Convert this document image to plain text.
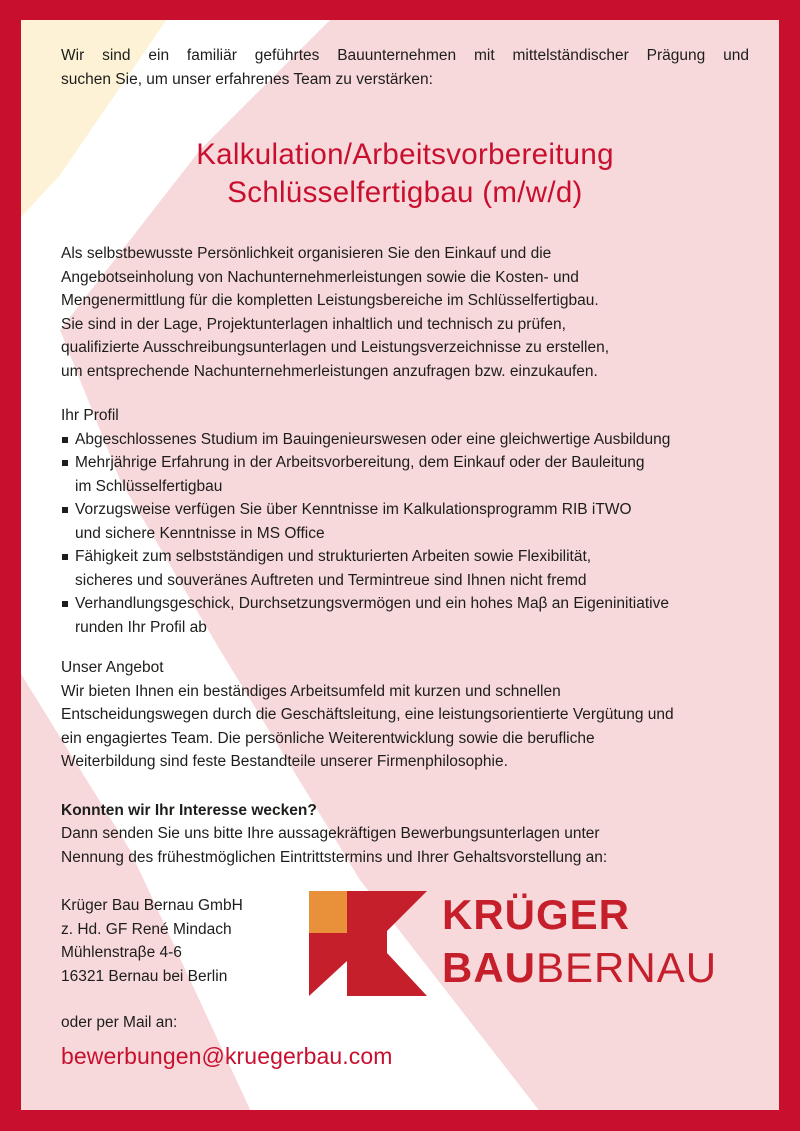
Wir sind ein familiär geführtes Bauunternehmen mit mittelständischer Prägung und
suchen Sie, um unser erfahrenes Team zu verstärken:
Kalkulation/Arbeitsvorbereitung
Schlüsselfertigbau (m/w/d)
Als selbstbewusste Persönlichkeit organisieren Sie den Einkauf und die
Angebotseinholung von Nachunternehmerleistungen sowie die Kosten- und
Mengenermittlung für die kompletten Leistungsbereiche im Schlüsselfertigbau.
Sie sind in der Lage, Projektunterlagen inhaltlich und technisch zu prüfen,
qualifizierte Ausschreibungsunterlagen und Leistungsverzeichnisse zu erstellen,
um entsprechende Nachunternehmerleistungen anzufragen bzw. einzukaufen.
Ihr Profil
Abgeschlossenes Studium im Bauingenieurswesen oder eine gleichwertige Ausbildung
Mehrjährige Erfahrung in der Arbeitsvorbereitung, dem Einkauf oder der Bauleitung
im Schlüsselfertigbau
Vorzugsweise verfügen Sie über Kenntnisse im Kalkulationsprogramm RIB iTWO
und sichere Kenntnisse in MS Office
Fähigkeit zum selbstständigen und strukturierten Arbeiten sowie Flexibilität,
sicheres und souveränes Auftreten und Termintreue sind Ihnen nicht fremd
Verhandlungsgeschick, Durchsetzungsvermögen und ein hohes Maβ an Eigeninitiative
runden Ihr Profil ab
Unser Angebot
Wir bieten Ihnen ein beständiges Arbeitsumfeld mit kurzen und schnellen
Entscheidungswegen durch die Geschäftsleitung, eine leistungsorientierte Vergütung und
ein engagiertes Team. Die persönliche Weiterentwicklung sowie die berufliche
Weiterbildung sind feste Bestandteile unserer Firmenphilosophie.
Konnten wir Ihr Interesse wecken?
Dann senden Sie uns bitte Ihre aussagekräftigen Bewerbungsunterlagen unter
Nennung des frühestmöglichen Eintrittstermins und Ihrer Gehaltsvorstellung an:
Krüger Bau Bernau GmbH
z. Hd. GF René Mindach
Mühlenstraβe 4-6
16321 Bernau bei Berlin
oder per Mail an:
bewerbungen@kruegerbau.com
KRÜGER
BAUBERNAU
